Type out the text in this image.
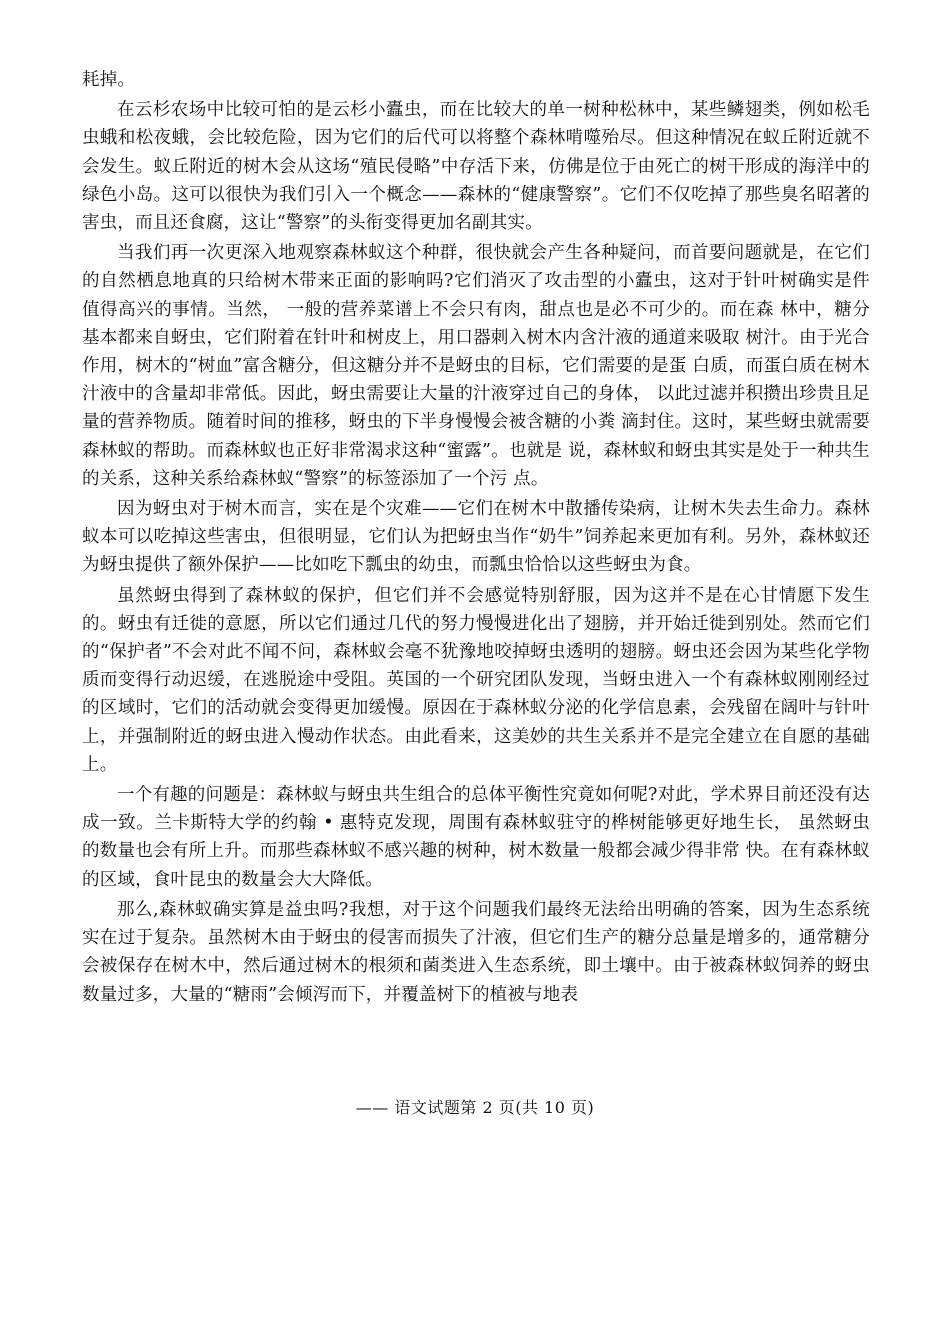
耗掉。

在云杉农场中比较可怕的是云杉小蠹虫，而在比较大的单一树种松林中，某些鳞翅类，例如松毛虫蛾和松夜蛾，会比较危险，因为它们的后代可以将整个森林啃噬殆尽。但这种情况在蚁丘附近就不会发生。蚁丘附近的树木会从这场“殖民侵略”中存活下来，仿佛是位于由死亡的树干形成的海洋中的绿色小岛。这可以很快为我们引入一个概念——森林的“健康警察”。它们不仅吃掉了那些臭名昭著的害虫，而且还食腐，这让“警察”的头衔变得更加名副其实。

当我们再一次更深入地观察森林蚁这个种群，很快就会产生各种疑问，而首要问题就是，在它们的自然栖息地真的只给树木带来正面的影响吗?它们消灭了攻击型的小蠹虫，这对于针叶树确实是件值得高兴的事情。当然， 一般的营养菜谱上不会只有肉，甜点也是必不可少的。而在森 林中，糖分基本都来自蚜虫，它们附着在针叶和树皮上，用口器刺入树木内含汁液的通道来吸取 树汁。由于光合作用，树木的“树血”富含糖分，但这糖分并不是蚜虫的目标，它们需要的是蛋 白质，而蛋白质在树木汁液中的含量却非常低。因此，蚜虫需要让大量的汁液穿过自己的身体， 以此过滤并积攒出珍贵且足量的营养物质。随着时间的推移，蚜虫的下半身慢慢会被含糖的小粪 滴封住。这时，某些蚜虫就需要森林蚁的帮助。而森林蚁也正好非常渴求这种“蜜露”。也就是 说，森林蚁和蚜虫其实是处于一种共生的关系，这种关系给森林蚁“警察”的标签添加了一个污 点。

因为蚜虫对于树木而言，实在是个灾难——它们在树木中散播传染病，让树木失去生命力。森林蚁本可以吃掉这些害虫，但很明显，它们认为把蚜虫当作“奶牛”饲养起来更加有利。另外，森林蚁还为蚜虫提供了额外保护——比如吃下瓢虫的幼虫，而瓢虫恰恰以这些蚜虫为食。

虽然蚜虫得到了森林蚁的保护，但它们并不会感觉特别舒服，因为这并不是在心甘情愿下发生的。蚜虫有迁徙的意愿，所以它们通过几代的努力慢慢进化出了翅膀，并开始迁徙到别处。然而它们的“保护者”不会对此不闻不问，森林蚁会毫不犹豫地咬掉蚜虫透明的翅膀。蚜虫还会因为某些化学物质而变得行动迟缓，在逃脱途中受阻。英国的一个研究团队发现，当蚜虫进入一个有森林蚁刚刚经过的区域时，它们的活动就会变得更加缓慢。原因在于森林蚁分泌的化学信息素，会残留在阔叶与针叶上，并强制附近的蚜虫进入慢动作状态。由此看来，这美妙的共生关系并不是完全建立在自愿的基础上。

一个有趣的问题是：森林蚁与蚜虫共生组合的总体平衡性究竟如何呢?对此，学术界目前还没有达成一致。兰卡斯特大学的约翰 • 惠特克发现，周围有森林蚁驻守的桦树能够更好地生长， 虽然蚜虫的数量也会有所上升。而那些森林蚁不感兴趣的树种，树木数量一般都会减少得非常 快。在有森林蚁的区域，食叶昆虫的数量会大大降低。

那么,森林蚁确实算是益虫吗?我想，对于这个问题我们最终无法给出明确的答案，因为生态系统实在过于复杂。虽然树木由于蚜虫的侵害而损失了汁液，但它们生产的糖分总量是增多的，通常糖分会被保存在树木中，然后通过树木的根须和菌类进入生态系统，即土壤中。由于被森林蚁饲养的蚜虫数量过多，大量的“糖雨”会倾泻而下，并覆盖树下的植被与地表

—— 语文试题第 2 页(共 10 页)
